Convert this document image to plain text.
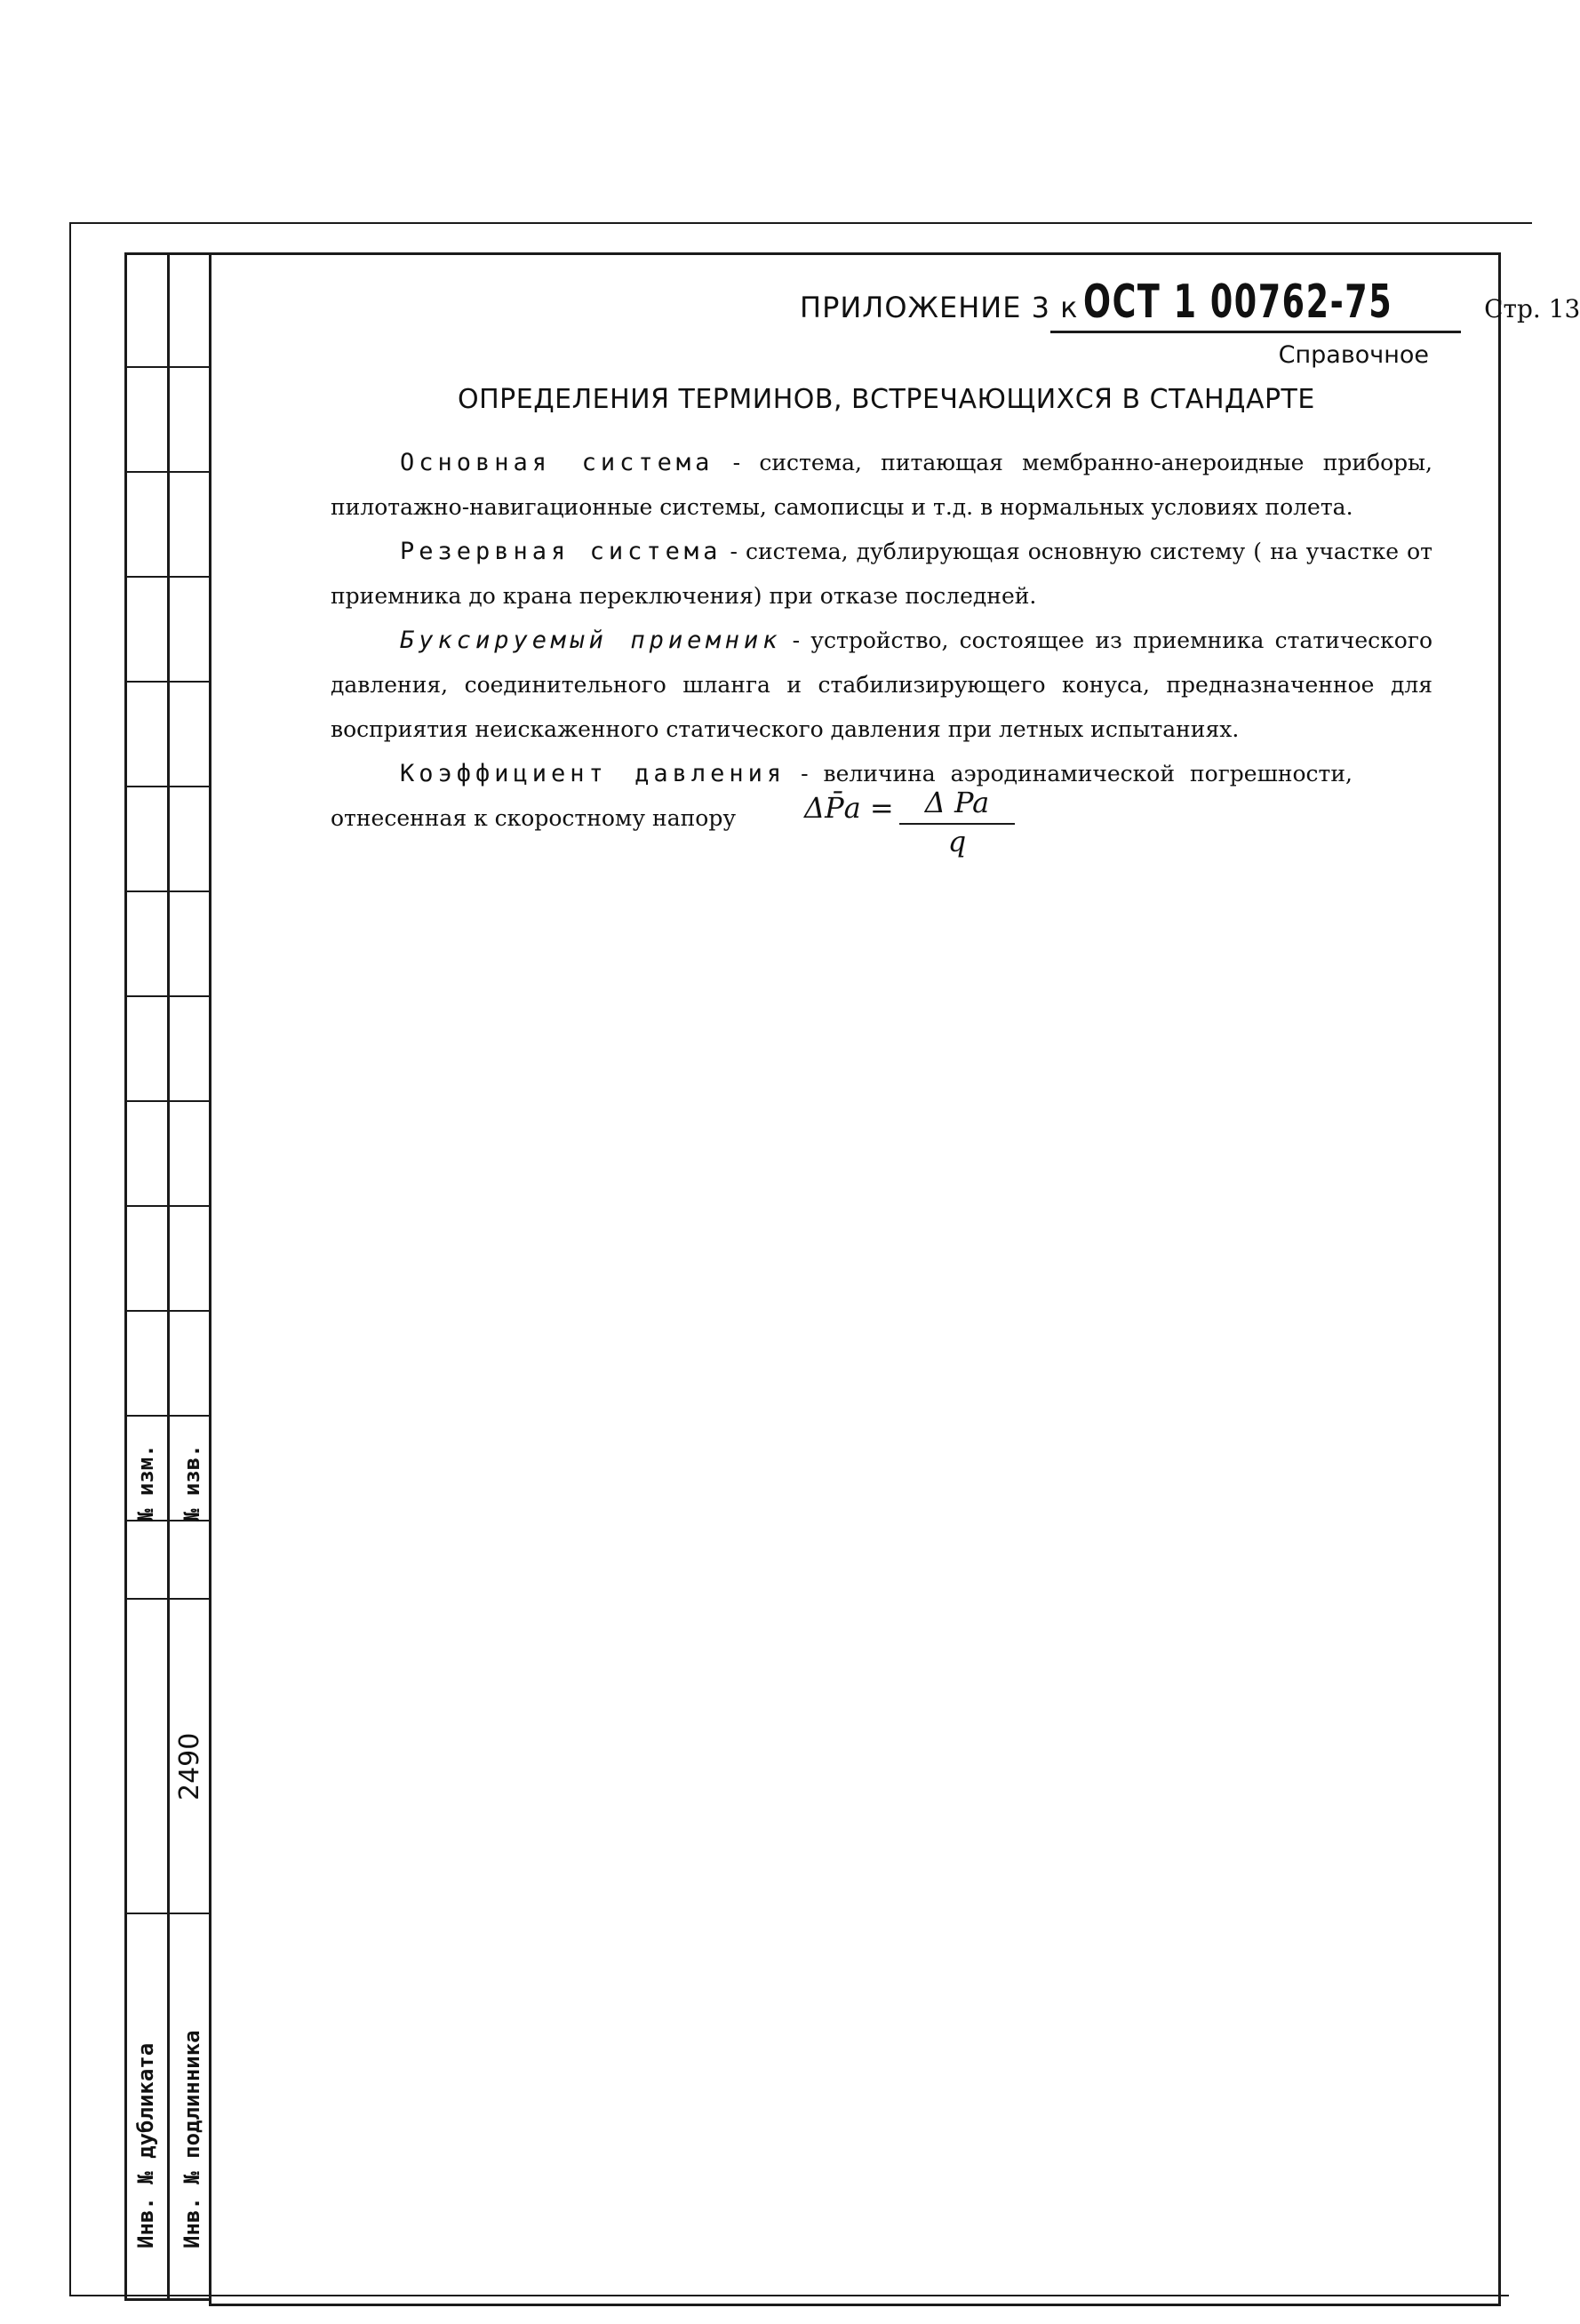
№ изм. № изв.
Инв. № дубликата Инв. № подлинника
2490
ПРИЛОЖЕНИЕ 3 к ОСТ 1 00762-75	Стр. 13
Справочное
ОПРЕДЕЛЕНИЯ ТЕРМИНОВ, ВСТРЕЧАЮЩИХСЯ В СТАНДАРТЕ
Основная система - система, питающая мембранно-анероидные приборы, пилотажно-навигационные системы, самописцы и т.д. в нормальных условиях полета.
Резервная система - система, дублирующая основную систему ( на участке от приемника до крана переключения) при отказе последней.
Буксируемый приемник - устройство, состоящее из приемника статического давления, соединительного шланга и стабилизирующего конуса, предназначенное для восприятия неискаженного статического давления при летных испытаниях.
Коэффициент давления - величина аэродинамической погрешности, отнесенная к скоростному напору	ΔP̄a =	Δ Pa
q
